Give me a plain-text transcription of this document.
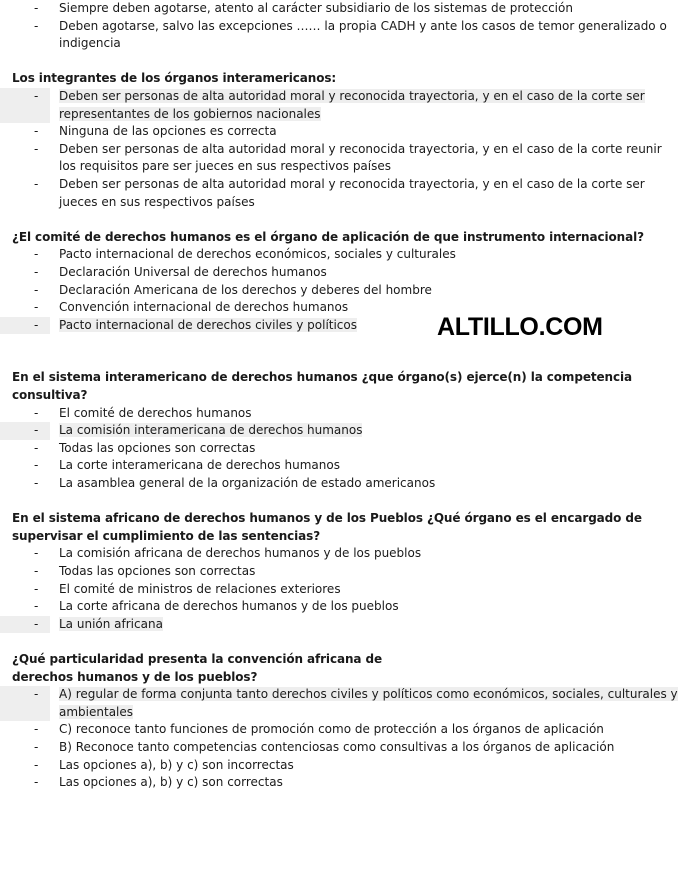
-	Siempre deben agotarse, atento al carácter subsidiario de los sistemas de protección
-	Deben agotarse, salvo las excepciones …… la propia CADH y ante los casos de temor generalizado o indigencia

Los integrantes de los órganos interamericanos:

-	Deben ser personas de alta autoridad moral y reconocida trayectoria, y en el caso de la corte ser representantes de los gobiernos nacionales
-	Ninguna de las opciones es correcta
-	Deben ser personas de alta autoridad moral y reconocida trayectoria, y en el caso de la corte reunir los requisitos pare ser jueces en sus respectivos países
-	Deben ser personas de alta autoridad moral y reconocida trayectoria, y en el caso de la corte ser jueces en sus respectivos países

¿El comité de derechos humanos es el órgano de aplicación de que instrumento internacional?

-	Pacto internacional de derechos económicos, sociales y culturales
-	Declaración Universal de derechos humanos
-	Declaración Americana de los derechos y deberes del hombre
-	Convención internacional de derechos humanos
-	Pacto internacional de derechos civiles y políticos

En el sistema interamericano de derechos humanos ¿que órgano(s) ejerce(n) la competencia consultiva?

-	El comité de derechos humanos
-	La comisión interamericana de derechos humanos
-	Todas las opciones son correctas
-	La corte interamericana de derechos humanos
-	La asamblea general de la organización de estado americanos

En el sistema africano de derechos humanos y de los Pueblos ¿Qué órgano es el encargado de supervisar el cumplimiento de las sentencias?

-	La comisión africana de derechos humanos y de los pueblos
-	Todas las opciones son correctas
-	El comité de ministros de relaciones exteriores
-	La corte africana de derechos humanos y de los pueblos
-	La unión africana

¿Qué particularidad presenta la convención africana de derechos humanos y de los pueblos?

-	A) regular de forma conjunta tanto derechos civiles y políticos como económicos, sociales, culturales y ambientales
-	C) reconoce tanto funciones de promoción como de protección a los órganos de aplicación
-	B) Reconoce tanto competencias contenciosas como consultivas a los órganos de aplicación
-	Las opciones a), b) y c) son incorrectas
-	Las opciones a), b) y c) son correctas
ALTILLO.COM
